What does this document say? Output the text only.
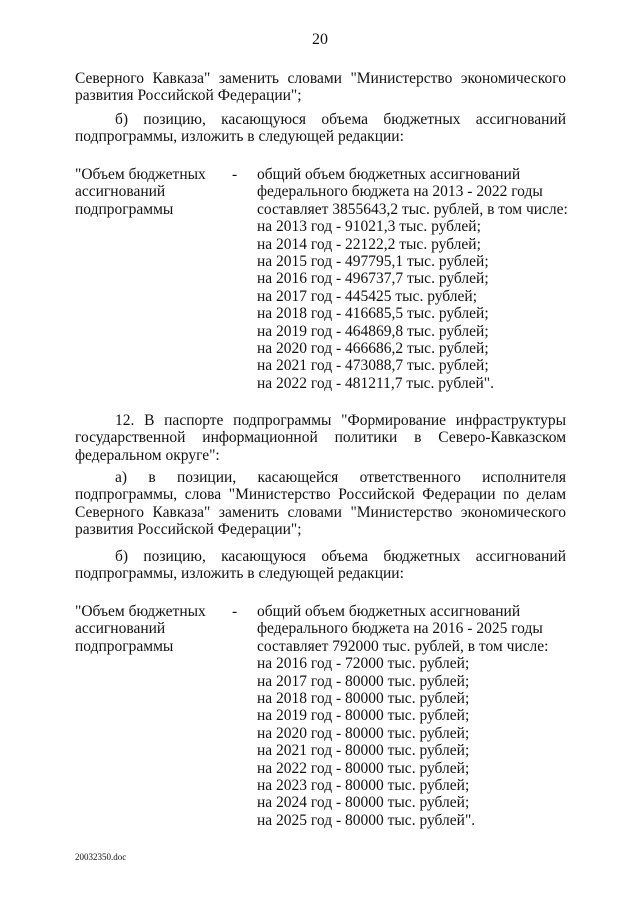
20
Северного Кавказа" заменить словами "Министерство экономического
развития Российской Федерации";
б) позицию, касающуюся объема бюджетных ассигнований
подпрограммы, изложить в следующей редакции:
"Объем бюджетных
ассигнований
подпрограммы
- общий объем бюджетных ассигнований
федерального бюджета на 2013 - 2022 годы
составляет 3855643,2 тыс. рублей, в том числе:
на 2013 год - 91021,3 тыс. рублей;
на 2014 год - 22122,2 тыс. рублей;
на 2015 год - 497795,1 тыс. рублей;
на 2016 год - 496737,7 тыс. рублей;
на 2017 год - 445425 тыс. рублей;
на 2018 год - 416685,5 тыс. рублей;
на 2019 год - 464869,8 тыс. рублей;
на 2020 год - 466686,2 тыс. рублей;
на 2021 год - 473088,7 тыс. рублей;
на 2022 год - 481211,7 тыс. рублей".
12. В паспорте подпрограммы "Формирование инфраструктуры
государственной информационной политики в Северо-Кавказском
федеральном округе":
а) в позиции, касающейся ответственного исполнителя
подпрограммы, слова "Министерство Российской Федерации по делам
Северного Кавказа" заменить словами "Министерство экономического
развития Российской Федерации";
б) позицию, касающуюся объема бюджетных ассигнований
подпрограммы, изложить в следующей редакции:
"Объем бюджетных
ассигнований
подпрограммы
- общий объем бюджетных ассигнований
федерального бюджета на 2016 - 2025 годы
составляет 792000 тыс. рублей, в том числе:
на 2016 год - 72000 тыс. рублей;
на 2017 год - 80000 тыс. рублей;
на 2018 год - 80000 тыс. рублей;
на 2019 год - 80000 тыс. рублей;
на 2020 год - 80000 тыс. рублей;
на 2021 год - 80000 тыс. рублей;
на 2022 год - 80000 тыс. рублей;
на 2023 год - 80000 тыс. рублей;
на 2024 год - 80000 тыс. рублей;
на 2025 год - 80000 тыс. рублей".
20032350.doc
